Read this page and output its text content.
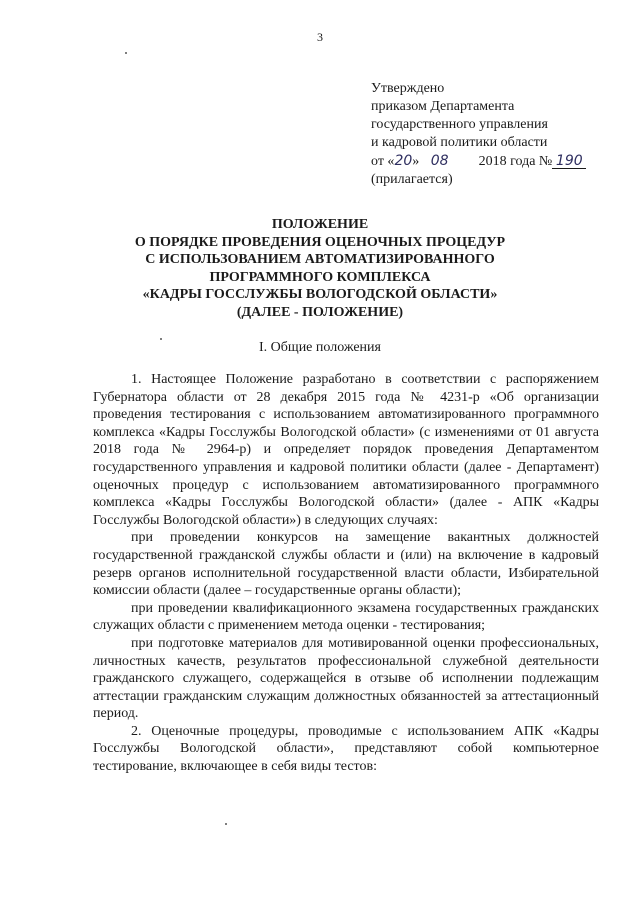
3
Утверждено
приказом Департамента
государственного управления
и кадровой политики области
от «20» 08 2018 года № 190
(прилагается)
ПОЛОЖЕНИЕ
О ПОРЯДКЕ ПРОВЕДЕНИЯ ОЦЕНОЧНЫХ ПРОЦЕДУР
С ИСПОЛЬЗОВАНИЕМ АВТОМАТИЗИРОВАННОГО
ПРОГРАММНОГО КОМПЛЕКСА
«КАДРЫ ГОССЛУЖБЫ ВОЛОГОДСКОЙ ОБЛАСТИ»
(ДАЛЕЕ - ПОЛОЖЕНИЕ)
I. Общие положения

1. Настоящее Положение разработано в соответствии с распоряжением Губернатора области от 28 декабря 2015 года № 4231-р «Об организации проведения тестирования с использованием автоматизированного программного комплекса «Кадры Госслужбы Вологодской области» (с изменениями от 01 августа 2018 года № 2964-р) и определяет порядок проведения Департаментом государственного управления и кадровой политики области (далее - Департамент) оценочных процедур с использованием автоматизированного программного комплекса «Кадры Госслужбы Вологодской области» (далее - АПК «Кадры Госслужбы Вологодской области») в следующих случаях:

при проведении конкурсов на замещение вакантных должностей государственной гражданской службы области и (или) на включение в кадровый резерв органов исполнительной государственной власти области, Избирательной комиссии области (далее – государственные органы области);

при проведении квалификационного экзамена государственных гражданских служащих области с применением метода оценки - тестирования;

при подготовке материалов для мотивированной оценки профессиональных, личностных качеств, результатов профессиональной служебной деятельности гражданского служащего, содержащейся в отзыве об исполнении подлежащим аттестации гражданским служащим должностных обязанностей за аттестационный период.

2. Оценочные процедуры, проводимые с использованием АПК «Кадры Госслужбы Вологодской области», представляют собой компьютерное тестирование, включающее в себя виды тестов:
